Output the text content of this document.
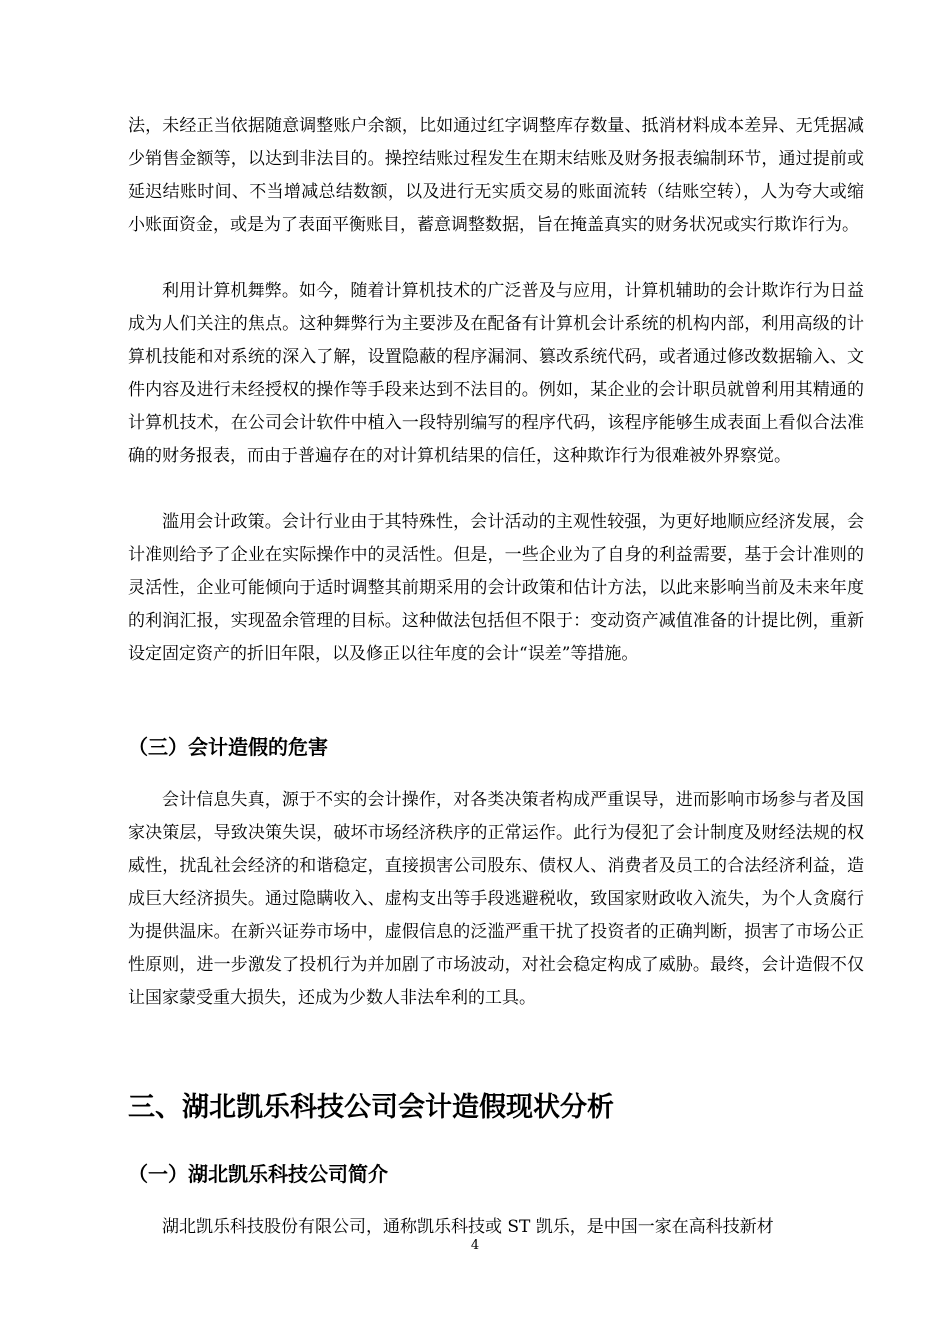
法，未经正当依据随意调整账户余额，比如通过红字调整库存数量、抵消材料成本差异、无凭据减少销售金额等，以达到非法目的。操控结账过程发生在期末结账及财务报表编制环节，通过提前或延迟结账时间、不当增减总结数额，以及进行无实质交易的账面流转（结账空转），人为夸大或缩小账面资金，或是为了表面平衡账目，蓄意调整数据，旨在掩盖真实的财务状况或实行欺诈行为。

利用计算机舞弊。如今，随着计算机技术的广泛普及与应用，计算机辅助的会计欺诈行为日益成为人们关注的焦点。这种舞弊行为主要涉及在配备有计算机会计系统的机构内部，利用高级的计算机技能和对系统的深入了解，设置隐蔽的程序漏洞、篡改系统代码，或者通过修改数据输入、文件内容及进行未经授权的操作等手段来达到不法目的。例如，某企业的会计职员就曾利用其精通的计算机技术，在公司会计软件中植入一段特别编写的程序代码，该程序能够生成表面上看似合法准确的财务报表，而由于普遍存在的对计算机结果的信任，这种欺诈行为很难被外界察觉。

滥用会计政策。会计行业由于其特殊性，会计活动的主观性较强，为更好地顺应经济发展，会计准则给予了企业在实际操作中的灵活性。但是，一些企业为了自身的利益需要，基于会计准则的灵活性，企业可能倾向于适时调整其前期采用的会计政策和估计方法，以此来影响当前及未来年度的利润汇报，实现盈余管理的目标。这种做法包括但不限于：变动资产减值准备的计提比例，重新设定固定资产的折旧年限，以及修正以往年度的会计“误差”等措施。

（三）会计造假的危害

会计信息失真，源于不实的会计操作，对各类决策者构成严重误导，进而影响市场参与者及国家决策层，导致决策失误，破坏市场经济秩序的正常运作。此行为侵犯了会计制度及财经法规的权威性，扰乱社会经济的和谐稳定，直接损害公司股东、债权人、消费者及员工的合法经济利益，造成巨大经济损失。通过隐瞒收入、虚构支出等手段逃避税收，致国家财政收入流失，为个人贪腐行为提供温床。在新兴证券市场中，虚假信息的泛滥严重干扰了投资者的正确判断，损害了市场公正性原则，进一步激发了投机行为并加剧了市场波动，对社会稳定构成了威胁。最终，会计造假不仅让国家蒙受重大损失，还成为少数人非法牟利的工具。

三、湖北凯乐科技公司会计造假现状分析
（一）湖北凯乐科技公司简介

湖北凯乐科技股份有限公司，通称凯乐科技或 ST 凯乐，是中国一家在高科技新材

4
